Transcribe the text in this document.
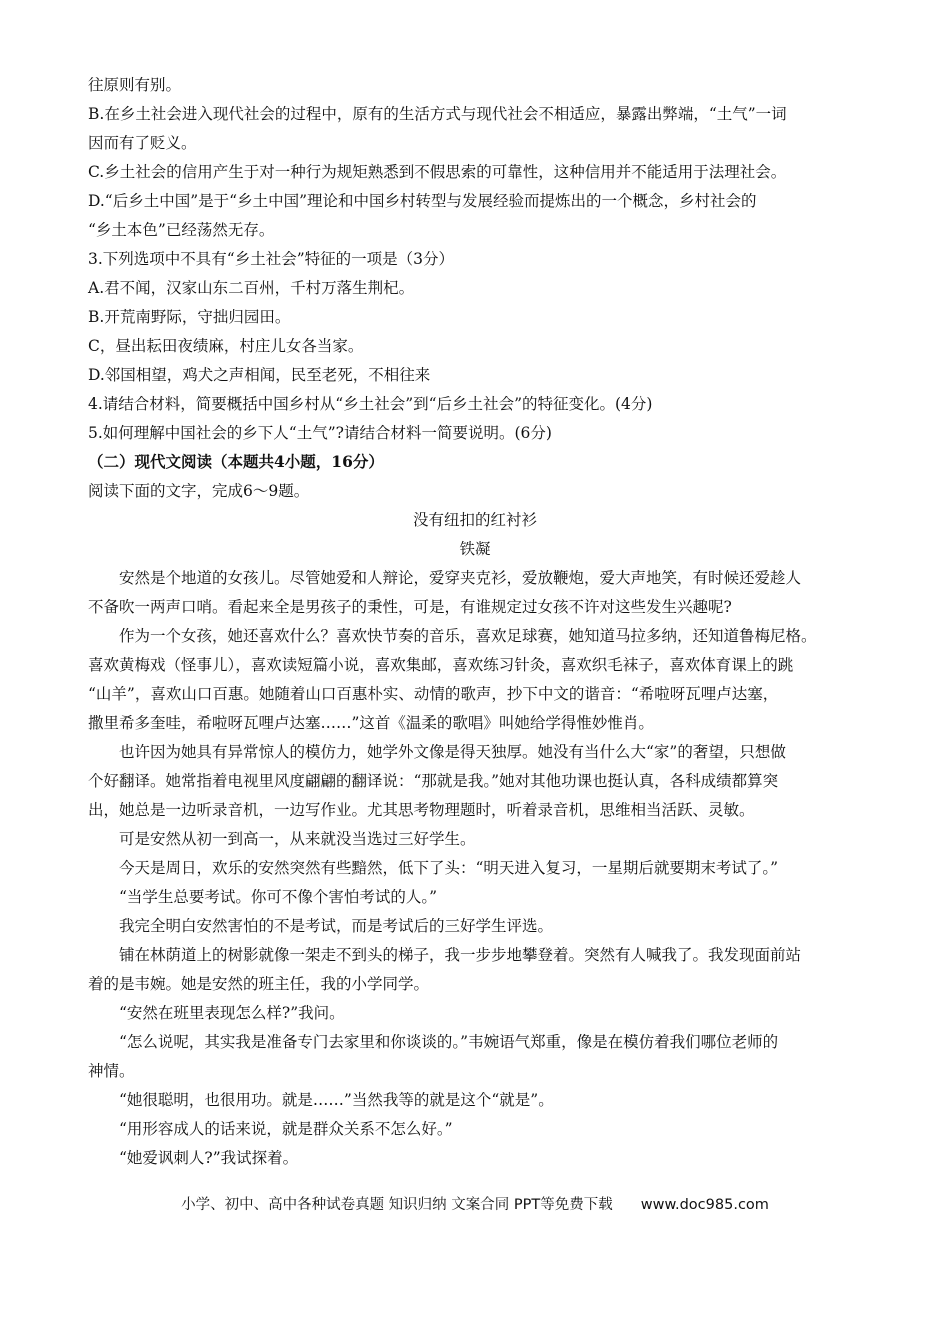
往原则有别。
B.在乡土社会进入现代社会的过程中，原有的生活方式与现代社会不相适应，暴露出弊端，“土气”一词
因而有了贬义。
C.乡土社会的信用产生于对一种行为规矩熟悉到不假思索的可靠性，这种信用并不能适用于法理社会。
D.“后乡土中国”是于“乡土中国”理论和中国乡村转型与发展经验而提炼出的一个概念，乡村社会的
“乡土本色”已经荡然无存。
3.下列选项中不具有“乡土社会”特征的一项是（3分）
A.君不闻，汉家山东二百州，千村万落生荆杞。
B.开荒南野际，守拙归园田。
C，昼出耘田夜绩麻，村庄儿女各当家。
D.邻国相望，鸡犬之声相闻，民至老死，不相往来
4.请结合材料，简要概括中国乡村从“乡土社会”到“后乡土社会”的特征变化。(4分)
5.如何理解中国社会的乡下人“土气”?请结合材料一简要说明。(6分)
（二）现代文阅读（本题共4小题，16分）
阅读下面的文字，完成6～9题。
没有纽扣的红衬衫
铁凝
安然是个地道的女孩儿。尽管她爱和人辩论，爱穿夹克衫，爱放鞭炮，爱大声地笑，有时候还爱趁人
不备吹一两声口哨。看起来全是男孩子的秉性，可是，有谁规定过女孩不许对这些发生兴趣呢?
作为一个女孩，她还喜欢什么？喜欢快节奏的音乐，喜欢足球赛，她知道马拉多纳，还知道鲁梅尼格。
喜欢黄梅戏（怪事儿），喜欢读短篇小说，喜欢集邮，喜欢练习针灸，喜欢织毛袜子，喜欢体育课上的跳
“山羊”，喜欢山口百惠。她随着山口百惠朴实、动情的歌声，抄下中文的谐音：“希啦呀瓦哩卢达塞，
撒里希多奎哇，希啦呀瓦哩卢达塞……”这首《温柔的歌唱》叫她给学得惟妙惟肖。
也许因为她具有异常惊人的模仿力，她学外文像是得天独厚。她没有当什么大“家”的奢望，只想做
个好翻译。她常指着电视里风度翩翩的翻译说：“那就是我。”她对其他功课也挺认真，各科成绩都算突
出，她总是一边听录音机，一边写作业。尤其思考物理题时，听着录音机，思维相当活跃、灵敏。
可是安然从初一到高一，从来就没当选过三好学生。
今天是周日，欢乐的安然突然有些黯然，低下了头：“明天进入复习，一星期后就要期末考试了。”
“当学生总要考试。你可不像个害怕考试的人。”
我完全明白安然害怕的不是考试，而是考试后的三好学生评选。
铺在林荫道上的树影就像一架走不到头的梯子，我一步步地攀登着。突然有人喊我了。我发现面前站
着的是韦婉。她是安然的班主任，我的小学同学。
“安然在班里表现怎么样?”我问。
“怎么说呢，其实我是准备专门去家里和你谈谈的。”韦婉语气郑重，像是在模仿着我们哪位老师的
神情。
“她很聪明，也很用功。就是……”当然我等的就是这个“就是”。
“用形容成人的话来说，就是群众关系不怎么好。”
“她爱讽刺人?”我试探着。
小学、初中、高中各种试卷真题 知识归纳 文案合同 PPT等免费下载 www.doc985.com
